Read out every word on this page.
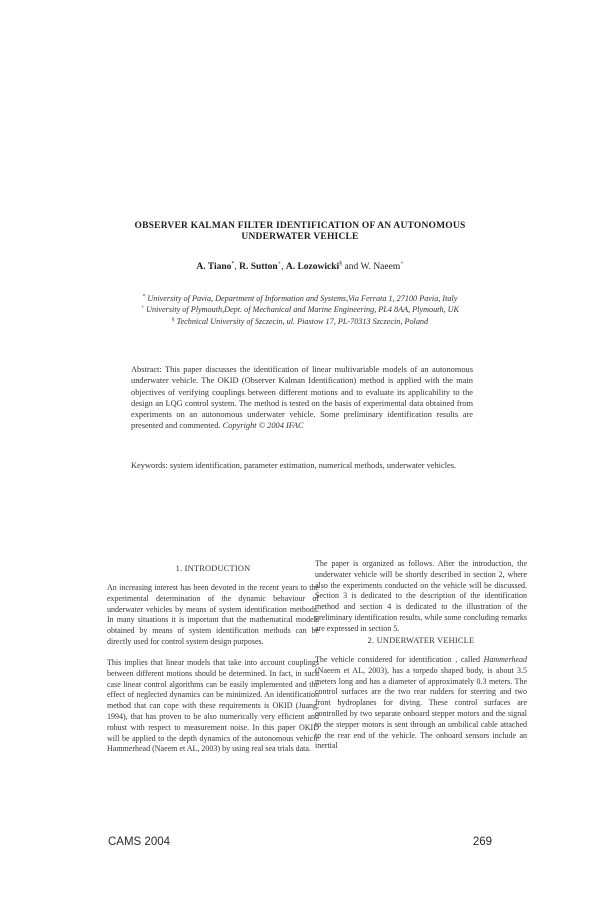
OBSERVER KALMAN FILTER IDENTIFICATION OF AN AUTONOMOUS
UNDERWATER VEHICLE
A. Tiano*, R. Sutton+, A. Lozowicki§ and W. Naeem+
* University of Pavia, Department of Information and Systems,Via Ferrata 1, 27100 Pavia, Italy
+ University of Plymouth,Dept. of Mechanical and Marine Engineering, PL4 8AA, Plymouth, UK
§ Technical University of Szczecin, ul. Piastow 17, PL-70313 Szczecin, Poland
Abstract: This paper discusses the identification of linear multivariable models of an autonomous underwater vehicle. The OKID (Observer Kalman Identification) method is applied with the main objectives of verifying couplings between different motions and to evaluate its applicability to the design an LQG control system. The method is tested on the basis of experimental data obtained from experiments on an autonomous underwater vehicle. Some preliminary identification results are presented and commented. Copyright © 2004 IFAC
Keywords: system identification, parameter estimation, numerical methods, underwater vehicles.
1. INTRODUCTION
An increasing interest has been devoted in the recent years to the experimental determination of the dynamic behaviour of underwater vehicles by means of system identification methods. In many situations it is important that the mathematical models obtained by means of system identification methods can be directly used for control system design purposes.
This implies that linear models that take into account couplings between different motions should be determined. In fact, in such case linear control algorithms can be easily implemented and the effect of neglected dynamics can be minimized. An identification method that can cope with these requirements is OKID (Juang, 1994), that has proven to be also numerically very efficient and robust with respect to measurement noise. In this paper OKID will be applied to the depth dynamics of the autonomous vehicle Hammerhead (Naeem et AL, 2003) by using real sea trials data.
The paper is organized as follows. After the introduction, the underwater vehicle will be shortly described in section 2, where also the experiments conducted on the vehicle will be discussed. Section 3 is dedicated to the description of the identification method and section 4 is dedicated to the illustration of the preliminary identification results, while some concluding remarks are expressed in section 5.
2. UNDERWATER VEHICLE
The vehicle considered for identification , called Hammerhead (Naeem et AL, 2003), has a torpedo shaped body, is about 3.5 meters long and has a diameter of approximately 0.3 meters. The control surfaces are the two rear rudders for steering and two front hydroplanes for diving. These control surfaces are controlled by two separate onboard stepper motors and the signal to the stepper motors is sent through an umbilical cable attached to the rear end of the vehicle. The onboard sensors include an inertial
CAMS 2004	269
